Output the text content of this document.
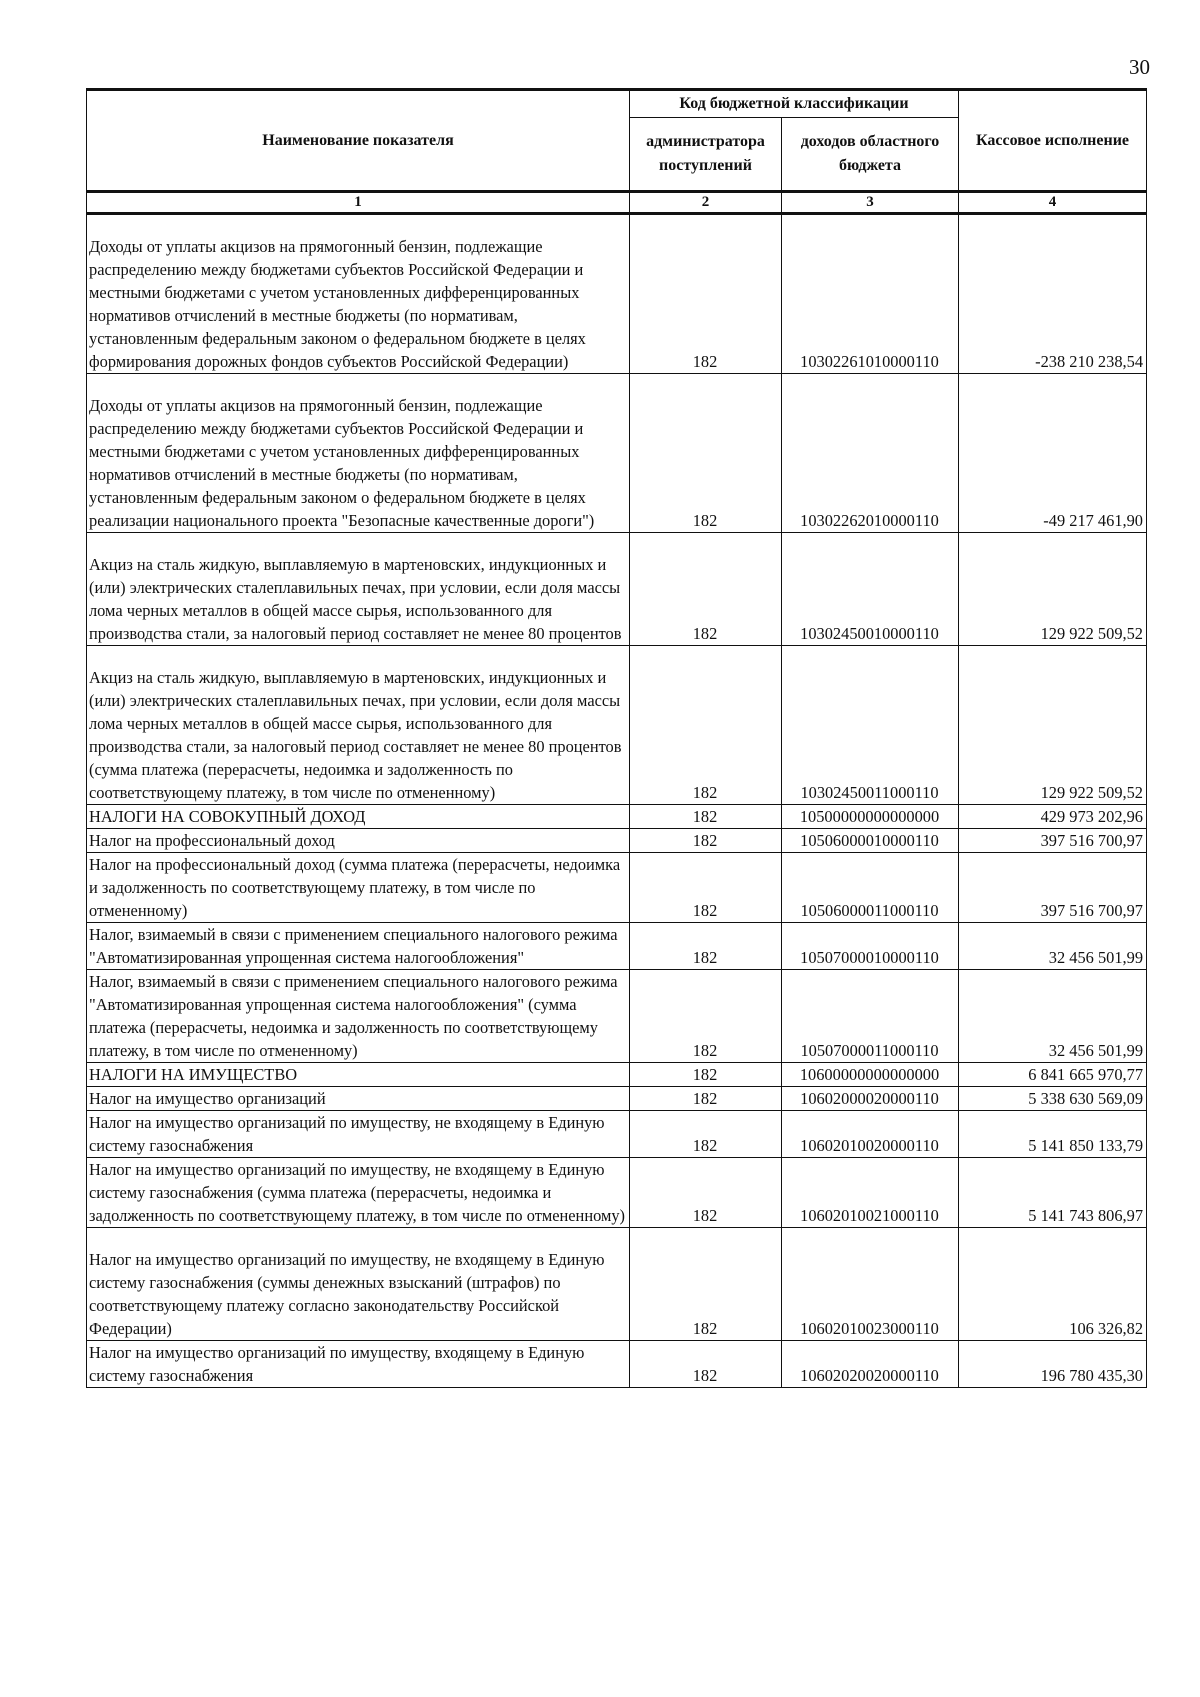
30
Наименование показателя	Код бюджетной классификации		Кассовое исполнение
	администратора поступлений	доходов областного бюджета	
1	2	3	4
Доходы от уплаты акцизов на прямогонный бензин, подлежащие распределению между бюджетами субъектов Российской Федерации и местными бюджетами с учетом установленных дифференцированных нормативов отчислений в местные бюджеты (по нормативам, установленным федеральным законом о федеральном бюджете в целях формирования дорожных фондов субъектов Российской Федерации)	182	10302261010000110	-238 210 238,54
Доходы от уплаты акцизов на прямогонный бензин, подлежащие распределению между бюджетами субъектов Российской Федерации и местными бюджетами с учетом установленных дифференцированных нормативов отчислений в местные бюджеты (по нормативам, установленным федеральным законом о федеральном бюджете в целях реализации национального проекта "Безопасные качественные дороги")	182	10302262010000110	-49 217 461,90
Акциз на сталь жидкую, выплавляемую в мартеновских, индукционных и (или) электрических сталеплавильных печах, при условии, если доля массы лома черных металлов в общей массе сырья, использованного для производства стали, за налоговый период составляет не менее 80 процентов	182	10302450010000110	129 922 509,52
Акциз на сталь жидкую, выплавляемую в мартеновских, индукционных и (или) электрических сталеплавильных печах, при условии, если доля массы лома черных металлов в общей массе сырья, использованного для производства стали, за налоговый период составляет не менее 80 процентов (сумма платежа (перерасчеты, недоимка и задолженность по соответствующему платежу, в том числе по отмененному)	182	10302450011000110	129 922 509,52
НАЛОГИ НА СОВОКУПНЫЙ ДОХОД	182	10500000000000000	429 973 202,96
Налог на профессиональный доход	182	10506000010000110	397 516 700,97
Налог на профессиональный доход (сумма платежа (перерасчеты, недоимка и задолженность по соответствующему платежу, в том числе по отмененному)	182	10506000011000110	397 516 700,97
Налог, взимаемый в связи с применением специального налогового режима "Автоматизированная упрощенная система налогообложения"	182	10507000010000110	32 456 501,99
Налог, взимаемый в связи с применением специального налогового режима "Автоматизированная упрощенная система налогообложения" (сумма платежа (перерасчеты, недоимка и задолженность по соответствующему платежу, в том числе по отмененному)	182	10507000011000110	32 456 501,99
НАЛОГИ НА ИМУЩЕСТВО	182	10600000000000000	6 841 665 970,77
Налог на имущество организаций	182	10602000020000110	5 338 630 569,09
Налог на имущество организаций по имуществу, не входящему в Единую систему газоснабжения	182	10602010020000110	5 141 850 133,79
Налог на имущество организаций по имуществу, не входящему в Единую систему газоснабжения (сумма платежа (перерасчеты, недоимка и задолженность по соответствующему платежу, в том числе по отмененному)	182	10602010021000110	5 141 743 806,97
Налог на имущество организаций по имуществу, не входящему в Единую систему газоснабжения (суммы денежных взысканий (штрафов) по соответствующему платежу согласно законодательству Российской Федерации)	182	10602010023000110	106 326,82
Налог на имущество организаций по имуществу, входящему в Единую систему газоснабжения	182	10602020020000110	196 780 435,30
